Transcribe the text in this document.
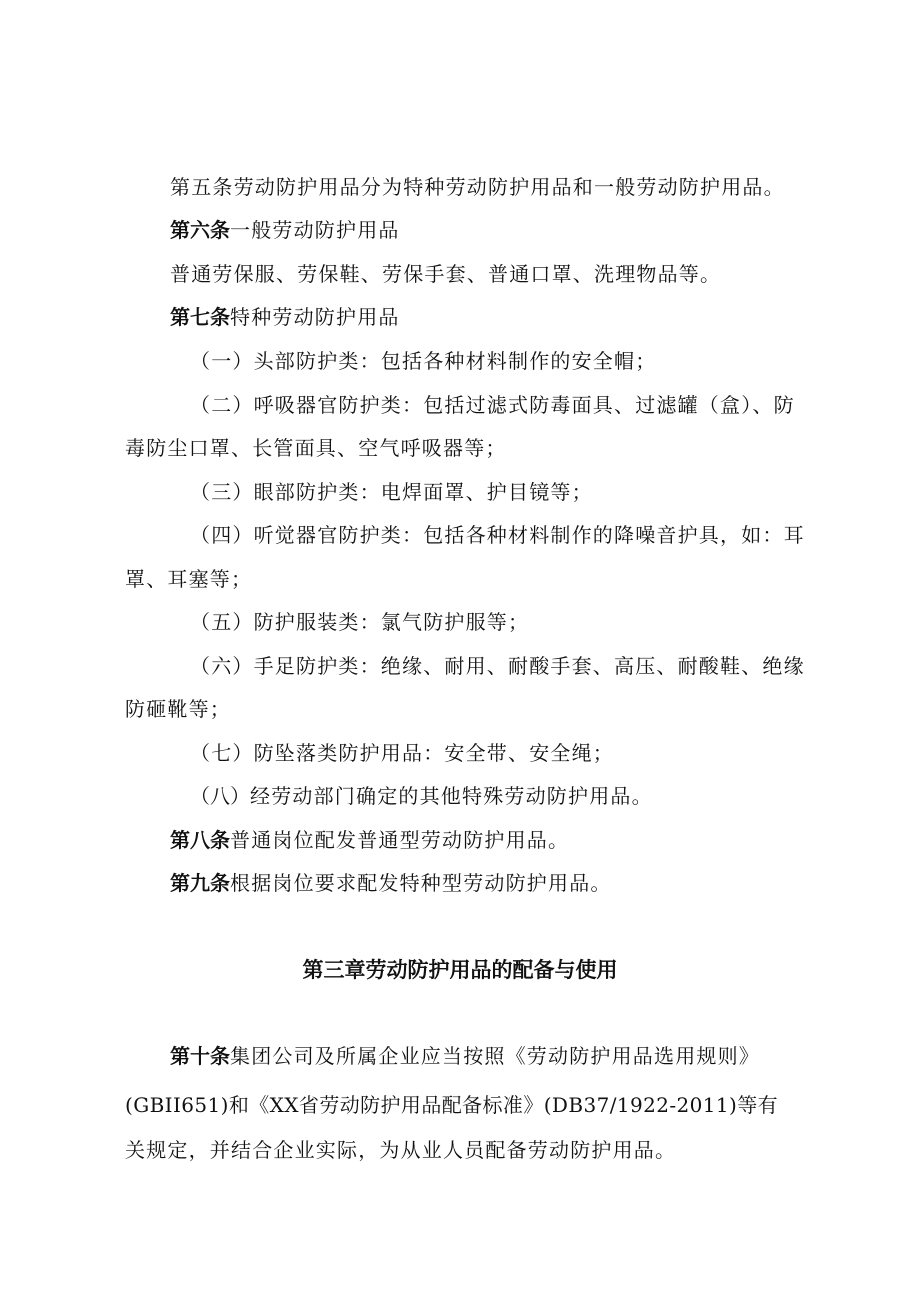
第五条劳动防护用品分为特种劳动防护用品和一般劳动防护用品。
第六条一般劳动防护用品
普通劳保服、劳保鞋、劳保手套、普通口罩、洗理物品等。
第七条特种劳动防护用品
（一）头部防护类：包括各种材料制作的安全帽；
（二）呼吸器官防护类：包括过滤式防毒面具、过滤罐（盒）、防
毒防尘口罩、长管面具、空气呼吸器等；
（三）眼部防护类：电焊面罩、护目镜等；
（四）听觉器官防护类：包括各种材料制作的降噪音护具，如：耳
罩、耳塞等；
（五）防护服装类：氯气防护服等；
（六）手足防护类：绝缘、耐用、耐酸手套、高压、耐酸鞋、绝缘
防砸靴等；
（七）防坠落类防护用品：安全带、安全绳；
（八）经劳动部门确定的其他特殊劳动防护用品。
第八条普通岗位配发普通型劳动防护用品。
第九条根据岗位要求配发特种型劳动防护用品。
第三章劳动防护用品的配备与使用
第十条集团公司及所属企业应当按照《劳动防护用品选用规则》
(GBII651)和《XX省劳动防护用品配备标准》(DB37/1922-2011)等有
关规定，并结合企业实际，为从业人员配备劳动防护用品。
